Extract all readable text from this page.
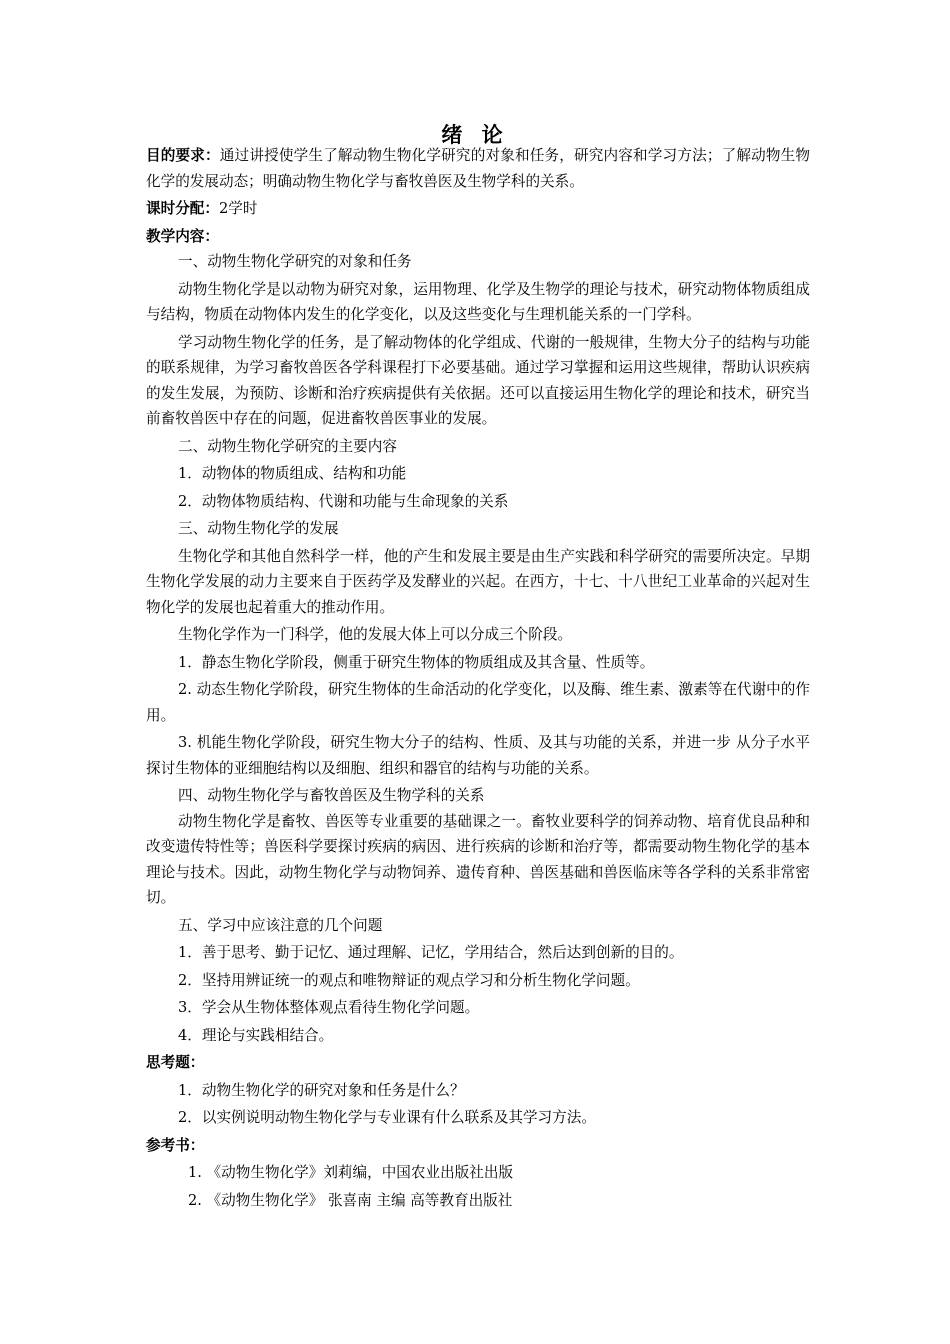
绪 论

目的要求：通过讲授使学生了解动物生物化学研究的对象和任务，研究内容和学习方法；了解动物生物化学的发展动态；明确动物生物化学与畜牧兽医及生物学科的关系。

课时分配：2学时

教学内容：

一、动物生物化学研究的对象和任务

动物生物化学是以动物为研究对象，运用物理、化学及生物学的理论与技术，研究动物体物质组成与结构，物质在动物体内发生的化学变化，以及这些变化与生理机能关系的一门学科。

学习动物生物化学的任务，是了解动物体的化学组成、代谢的一般规律，生物大分子的结构与功能的联系规律，为学习畜牧兽医各学科课程打下必要基础。通过学习掌握和运用这些规律，帮助认识疾病的发生发展，为预防、诊断和治疗疾病提供有关依据。还可以直接运用生物化学的理论和技术，研究当前畜牧兽医中存在的问题，促进畜牧兽医事业的发展。

二、动物生物化学研究的主要内容

1．动物体的物质组成、结构和功能

2．动物体物质结构、代谢和功能与生命现象的关系

三、动物生物化学的发展

生物化学和其他自然科学一样，他的产生和发展主要是由生产实践和科学研究的需要所决定。早期生物化学发展的动力主要来自于医药学及发酵业的兴起。在西方，十七、十八世纪工业革命的兴起对生物化学的发展也起着重大的推动作用。

生物化学作为一门科学，他的发展大体上可以分成三个阶段。

1．静态生物化学阶段，侧重于研究生物体的物质组成及其含量、性质等。

2. 动态生物化学阶段，研究生物体的生命活动的化学变化，以及酶、维生素、激素等在代谢中的作用。

3. 机能生物化学阶段，研究生物大分子的结构、性质、及其与功能的关系，并进一步 从分子水平探讨生物体的亚细胞结构以及细胞、组织和器官的结构与功能的关系。

四、动物生物化学与畜牧兽医及生物学科的关系

动物生物化学是畜牧、兽医等专业重要的基础课之一。畜牧业要科学的饲养动物、培育优良品种和改变遗传特性等；兽医科学要探讨疾病的病因、进行疾病的诊断和治疗等，都需要动物生物化学的基本理论与技术。因此，动物生物化学与动物饲养、遗传育种、兽医基础和兽医临床等各学科的关系非常密切。

五、学习中应该注意的几个问题

1．善于思考、勤于记忆、通过理解、记忆，学用结合，然后达到创新的目的。

2．坚持用辨证统一的观点和唯物辩证的观点学习和分析生物化学问题。

3．学会从生物体整体观点看待生物化学问题。

4．理论与实践相结合。

思考题：

1．动物生物化学的研究对象和任务是什么？

2．以实例说明动物生物化学与专业课有什么联系及其学习方法。

参考书：

1. 《动物生物化学》刘莉编，中国农业出版社出版

2. 《动物生物化学》 张喜南 主编 高等教育出版社
